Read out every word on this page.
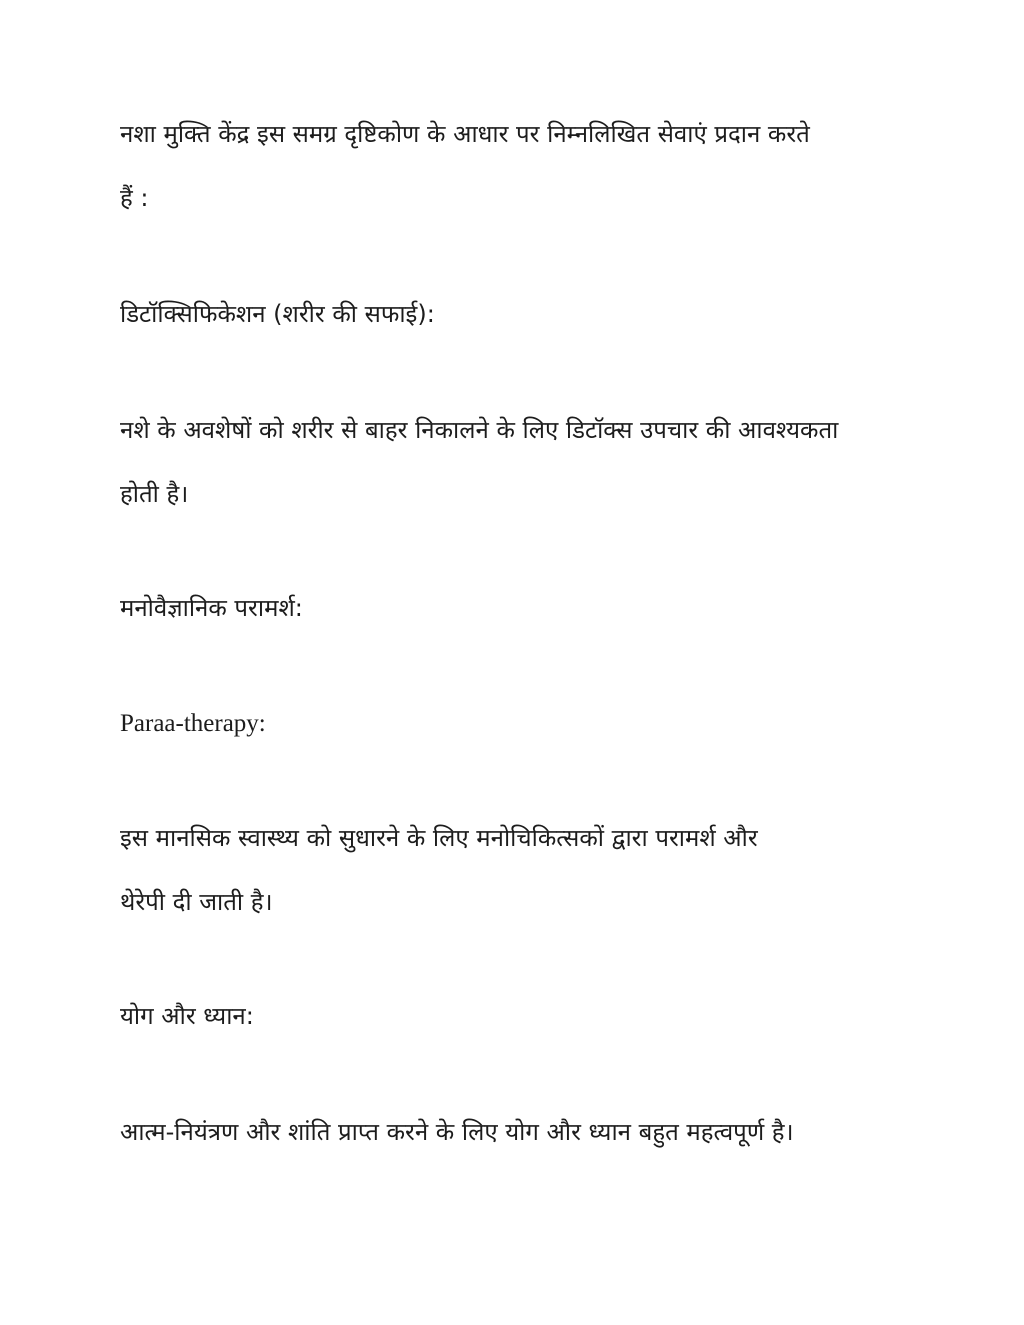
नशा मुक्ति केंद्र इस समग्र दृष्टिकोण के आधार पर निम्नलिखित सेवाएं प्रदान करते
हैं :
डिटॉक्सिफिकेशन (शरीर की सफाई):
नशे के अवशेषों को शरीर से बाहर निकालने के लिए डिटॉक्स उपचार की आवश्यकता
होती है।
मनोवैज्ञानिक परामर्श:
Paraa-therapy:
इस मानसिक स्वास्थ्य को सुधारने के लिए मनोचिकित्सकों द्वारा परामर्श और
थेरेपी दी जाती है।
योग और ध्यान:
आत्म-नियंत्रण और शांति प्राप्त करने के लिए योग और ध्यान बहुत महत्वपूर्ण है।
